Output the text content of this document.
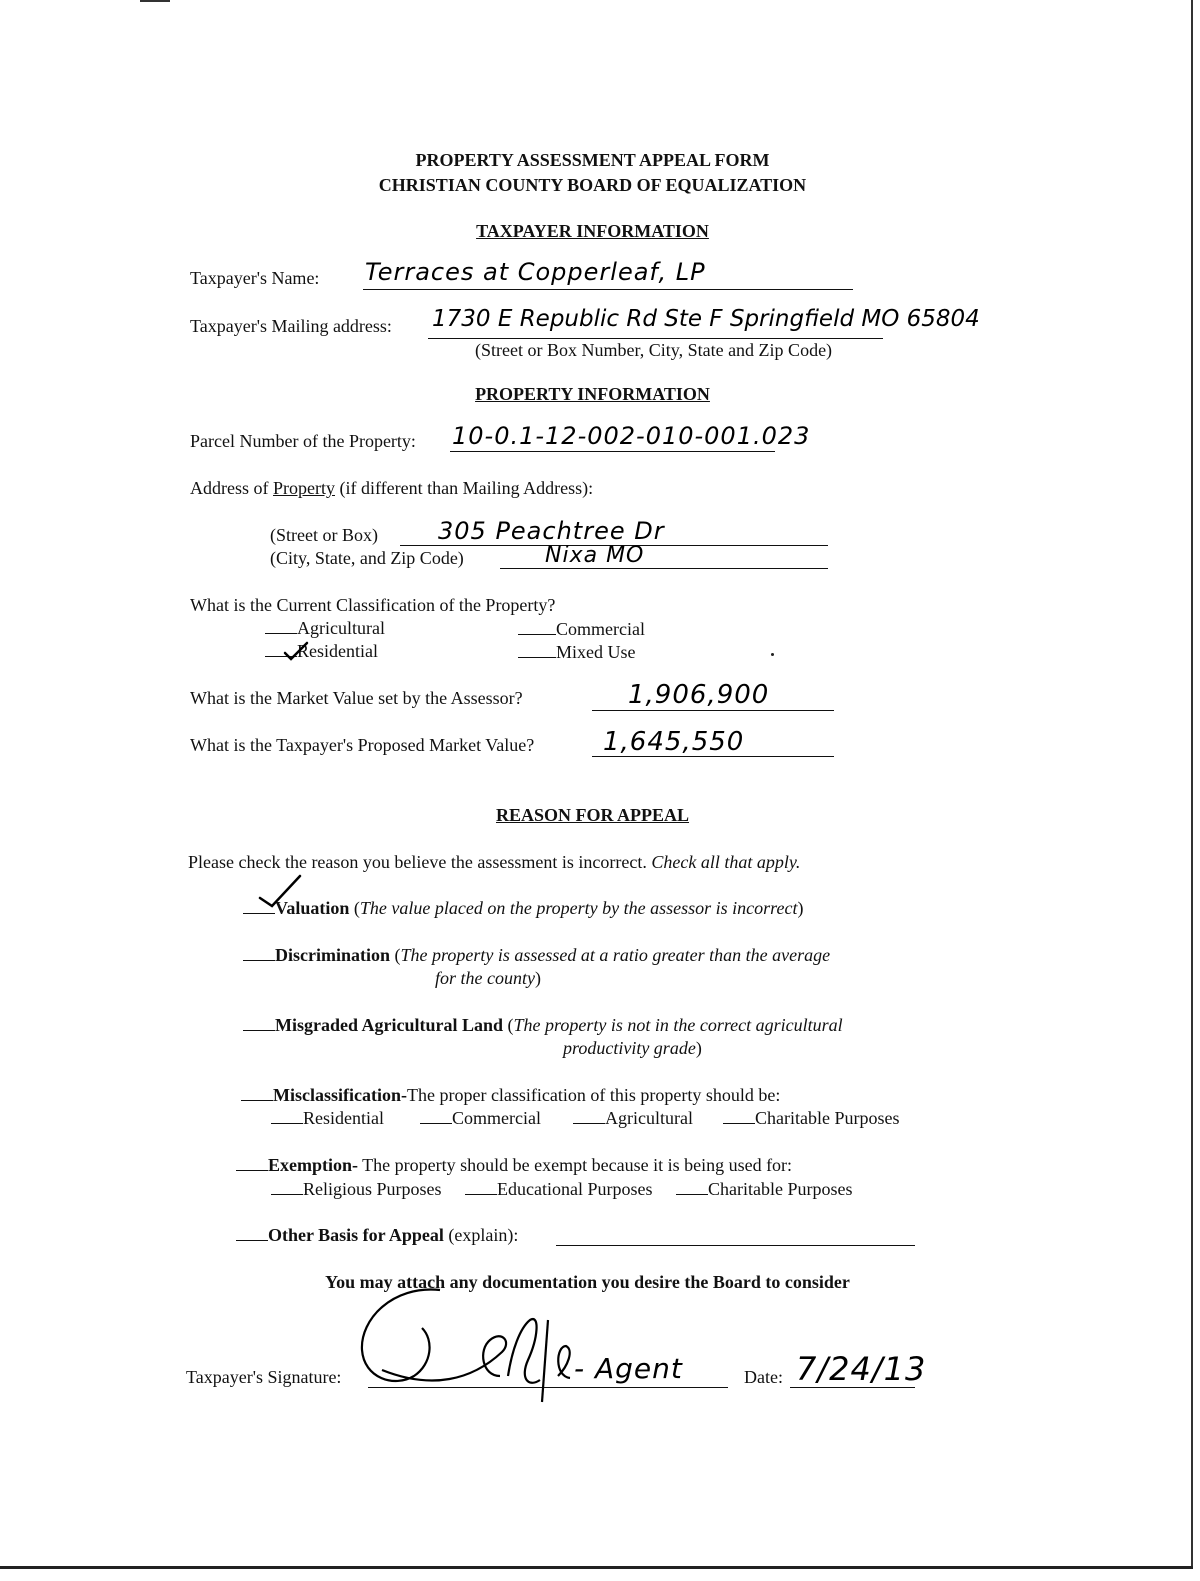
PROPERTY ASSESSMENT APPEAL FORM
CHRISTIAN COUNTY BOARD OF EQUALIZATION
TAXPAYER INFORMATION
Taxpayer's Name: Terraces at Copperleaf, LP
Taxpayer's Mailing address: 1730 E Republic Rd Ste F Springfield MO 65804
(Street or Box Number, City, State and Zip Code)
PROPERTY INFORMATION
Parcel Number of the Property: 10-0.1-12-002-010-001.023
Address of Property (if different than Mailing Address):
(Street or Box)	305 Peachtree Dr
(City, State, and Zip Code)	Nixa MO
What is the Current Classification of the Property?
Agricultural	Commercial
Residential	Mixed Use
What is the Market Value set by the Assessor?	1,906,900
What is the Taxpayer's Proposed Market Value?	1,645,550
REASON FOR APPEAL
Please check the reason you believe the assessment is incorrect. Check all that apply.
Valuation (The value placed on the property by the assessor is incorrect)
Discrimination (The property is assessed at a ratio greater than the average
for the county)
Misgraded Agricultural Land (The property is not in the correct agricultural
productivity grade)
Misclassification-The proper classification of this property should be:
Residential	Commercial	Agricultural	Charitable Purposes
Exemption- The property should be exempt because it is being used for:
Religious Purposes	Educational Purposes	Charitable Purposes
Other Basis for Appeal (explain):
You may attach any documentation you desire the Board to consider
Taxpayer's Signature:	- Agent	Date: 7/24/13
